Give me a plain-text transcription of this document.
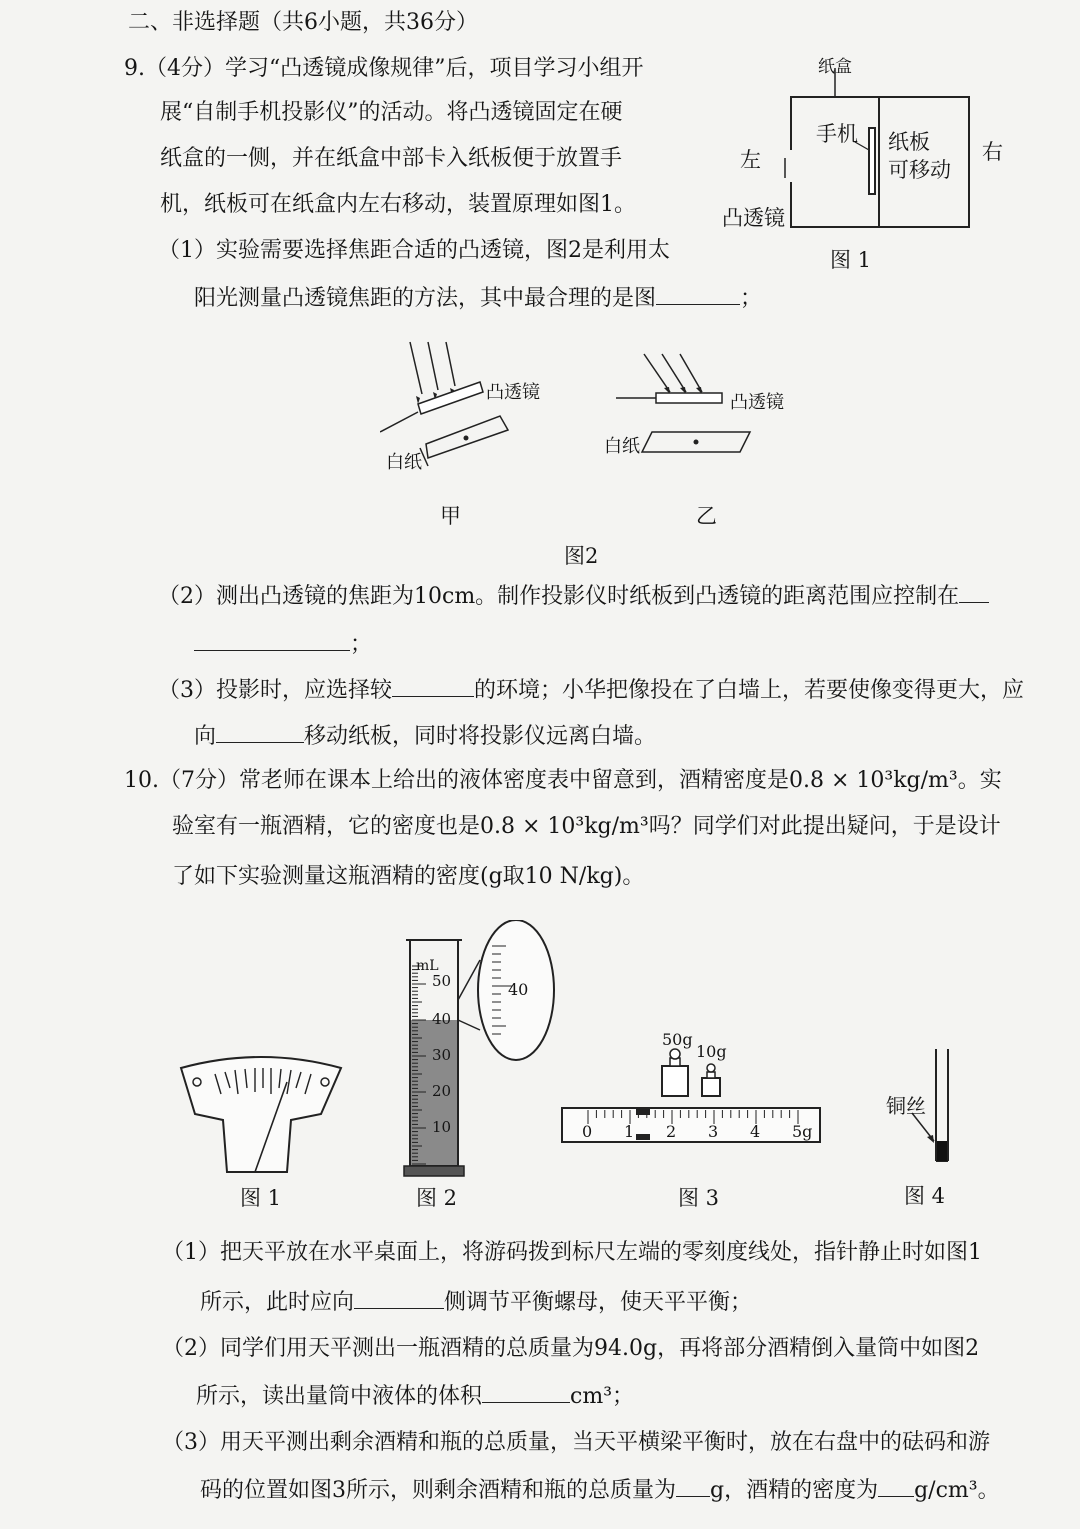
二、非选择题（共6小题，共36分）
9.（4分）学习“凸透镜成像规律”后，项目学习小组开
展“自制手机投影仪”的活动。将凸透镜固定在硬
纸盒的一侧，并在纸盒中部卡入纸板便于放置手
机，纸板可在纸盒内左右移动，装置原理如图1。
（1）实验需要选择焦距合适的凸透镜，图2是利用太
阳光测量凸透镜焦距的方法，其中最合理的是图	；
纸盒
左	右
手机 纸板
可移动
凸透镜
图 1
凸透镜
白纸
凸透镜
白纸
甲	乙
图2
（2）测出凸透镜的焦距为10cm。制作投影仪时纸板到凸透镜的距离范围应控制在
；
（3）投影时，应选择较	的环境；小华把像投在了白墙上，若要使像变得更大，应
向	移动纸板，同时将投影仪远离白墙。
10.（7分）常老师在课本上给出的液体密度表中留意到，酒精密度是0.8 × 10³kg/m³。实
验室有一瓶酒精，它的密度也是0.8 × 10³kg/m³吗？同学们对此提出疑问，于是设计
了如下实验测量这瓶酒精的密度(g取10 N/kg)。
mL
50
40
30
20
10
40
50g
10g
0 1 2 3 4 5g
铜丝
图 1	图 2	图 3	图 4
（1）把天平放在水平桌面上，将游码拨到标尺左端的零刻度线处，指针静止时如图1
所示，此时应向	侧调节平衡螺母，使天平平衡；
（2）同学们用天平测出一瓶酒精的总质量为94.0g，再将部分酒精倒入量筒中如图2
所示，读出量筒中液体的体积	cm³；
（3）用天平测出剩余酒精和瓶的总质量，当天平横梁平衡时，放在右盘中的砝码和游
码的位置如图3所示，则剩余酒精和瓶的总质量为 g，酒精的密度为 g/cm³。
